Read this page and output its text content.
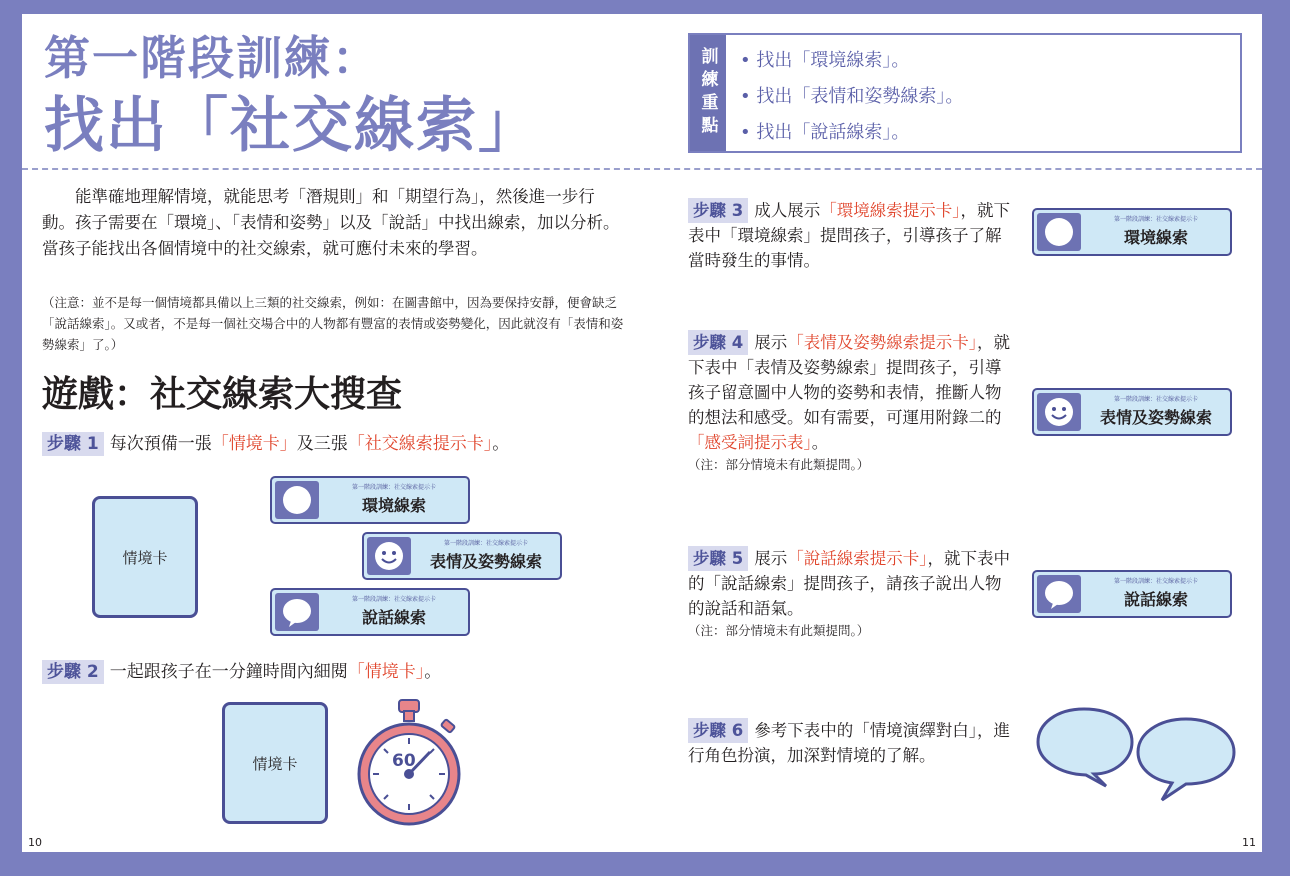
第一階段訓練：
找出「社交線索」	訓練重點	• 找出「環境線索」。
• 找出「表情和姿勢線索」。
• 找出「說話線索」。
能準確地理解情境，就能思考「潛規則」和「期望行為」，然後進一步行動。孩子需要在「環境」、「表情和姿勢」以及「說話」中找出線索，加以分析。當孩子能找出各個情境中的社交線索，就可應付未來的學習。
（注意：並不是每一個情境都具備以上三類的社交線索，例如：在圖書館中，因為要保持安靜，便會缺乏「說話線索」。又或者，不是每一個社交場合中的人物都有豐富的表情或姿勢變化，因此就沒有「表情和姿勢線索」了。）
遊戲：社交線索大搜查
步驟 1 每次預備一張「情境卡」及三張「社交線索提示卡」。
情境卡
第一階段訓練：社交線索提示卡
環境線索
第一階段訓練：社交線索提示卡
表情及姿勢線索
第一階段訓練：社交線索提示卡
說話線索
步驟 2 一起跟孩子在一分鐘時間內細閱「情境卡」。
情境卡	60
步驟 3 成人展示「環境線索提示卡」，就下表中「環境線索」提問孩子，引導孩子了解當時發生的事情。
第一階段訓練：社交線索提示卡
環境線索
步驟 4 展示「表情及姿勢線索提示卡」，就下表中「表情及姿勢線索」提問孩子，引導孩子留意圖中人物的姿勢和表情，推斷人物的想法和感受。如有需要，可運用附錄二的「感受詞提示表」。
（注：部分情境未有此類提問。）
第一階段訓練：社交線索提示卡
表情及姿勢線索
步驟 5 展示「說話線索提示卡」，就下表中的「說話線索」提問孩子，請孩子說出人物的說話和語氣。
（注：部分情境未有此類提問。）
第一階段訓練：社交線索提示卡
說話線索
步驟 6 參考下表中的「情境演繹對白」，進行角色扮演，加深對情境的了解。
10	11
